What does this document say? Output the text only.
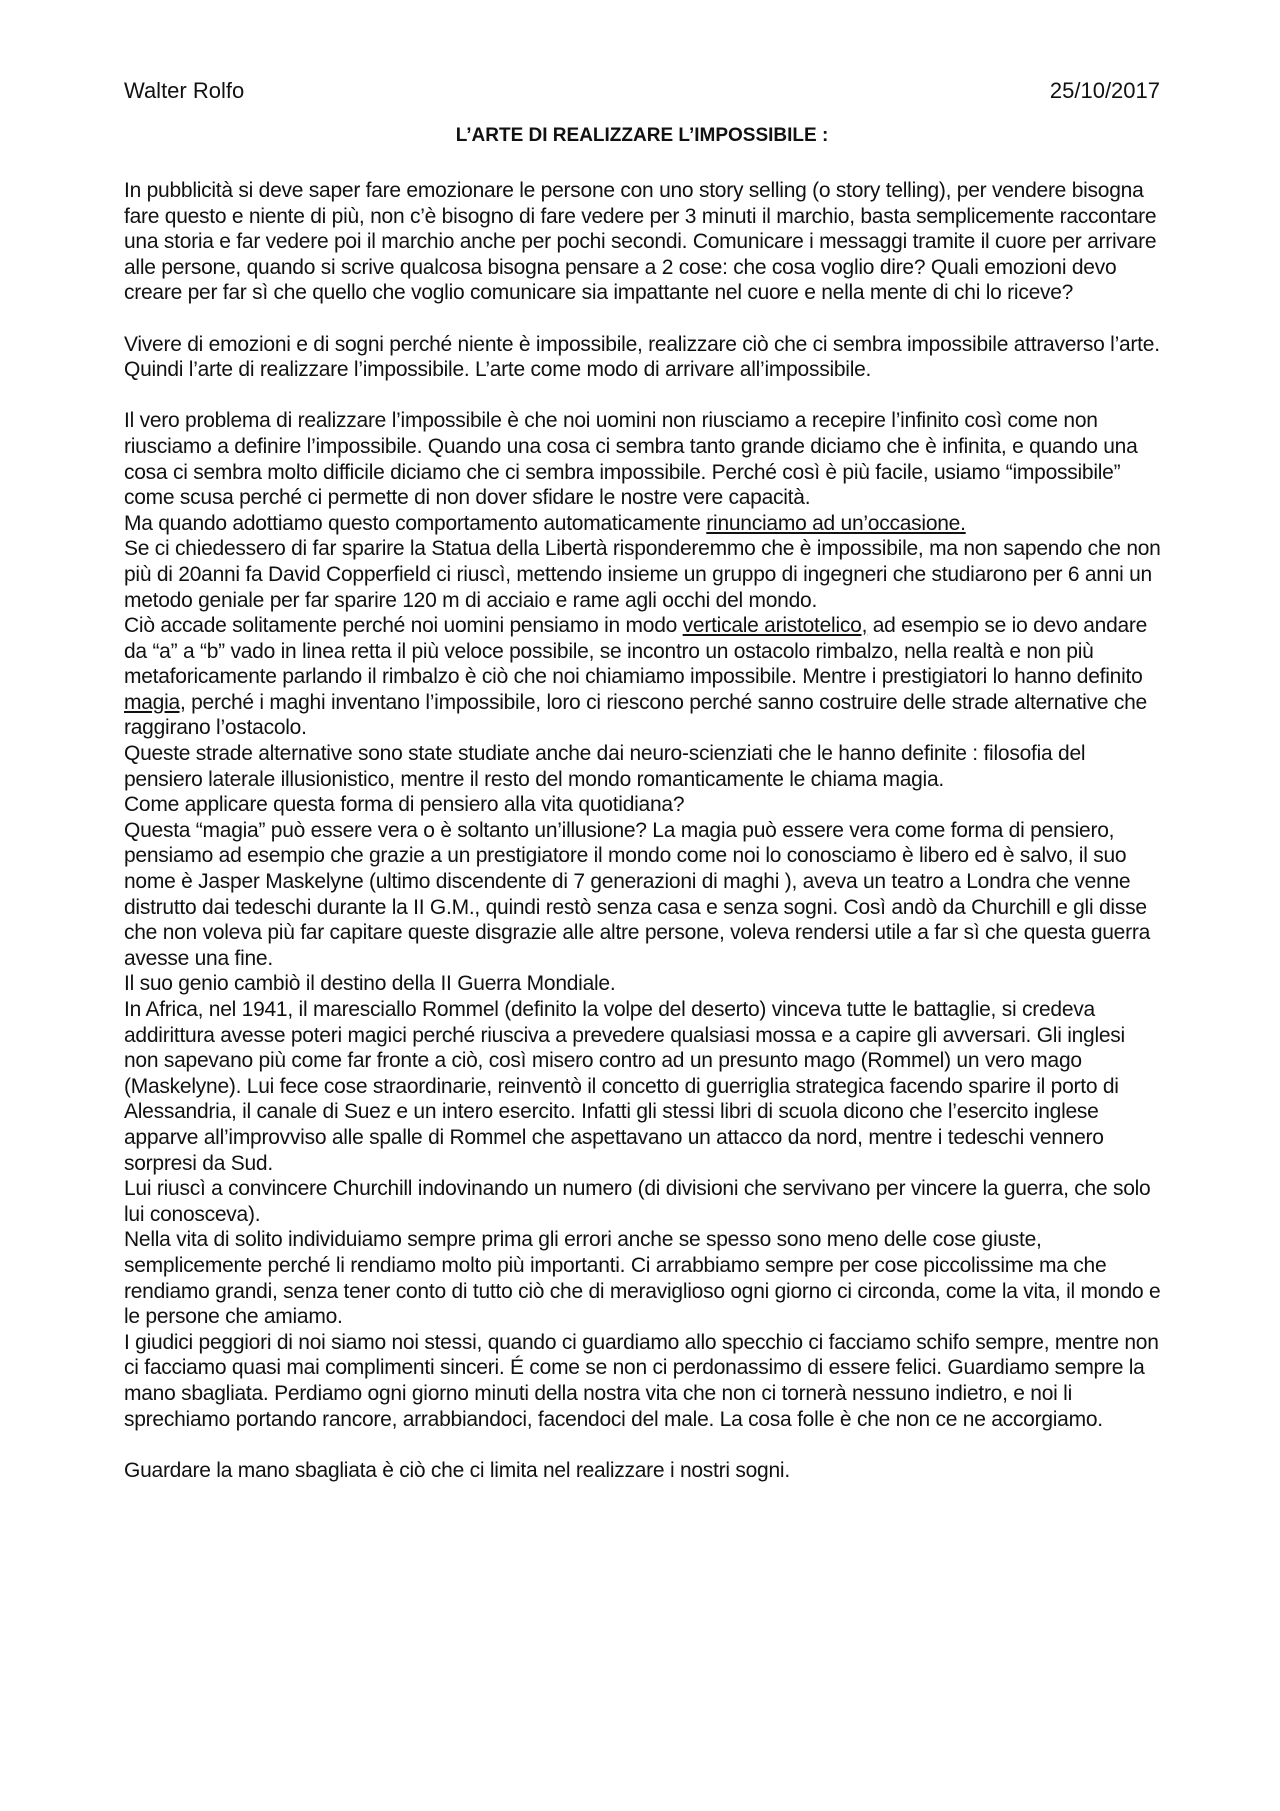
Walter Rolfo	25/10/2017
L’ARTE DI REALIZZARE L’IMPOSSIBILE :

In pubblicità si deve saper fare emozionare le persone con uno story selling (o story telling), per vendere bisogna fare questo e niente di più, non c’è bisogno di fare vedere per 3 minuti il marchio, basta semplicemente raccontare una storia e far vedere poi il marchio anche per pochi secondi. Comunicare i messaggi tramite il cuore per arrivare alle persone, quando si scrive qualcosa bisogna pensare a 2 cose: che cosa voglio dire? Quali emozioni devo creare per far sì che quello che voglio comunicare sia impattante nel cuore e nella mente di chi lo riceve?

Vivere di emozioni e di sogni perché niente è impossibile, realizzare ciò che ci sembra impossibile attraverso l’arte. Quindi l’arte di realizzare l’impossibile. L’arte come modo di arrivare all’impossibile.

Il vero problema di realizzare l’impossibile è che noi uomini non riusciamo a recepire l’infinito così come non riusciamo a definire l’impossibile. Quando una cosa ci sembra tanto grande diciamo che è infinita, e quando una cosa ci sembra molto difficile diciamo che ci sembra impossibile. Perché così è più facile, usiamo “impossibile” come scusa perché ci permette di non dover sfidare le nostre vere capacità.

Ma quando adottiamo questo comportamento automaticamente rinunciamo ad un’occasione.

Se ci chiedessero di far sparire la Statua della Libertà risponderemmo che è impossibile, ma non sapendo che non più di 20anni fa David Copperfield ci riuscì, mettendo insieme un gruppo di ingegneri che studiarono per 6 anni un metodo geniale per far sparire 120 m di acciaio e rame agli occhi del mondo.

Ciò accade solitamente perché noi uomini pensiamo in modo verticale aristotelico, ad esempio se io devo andare da “a” a “b” vado in linea retta il più veloce possibile, se incontro un ostacolo rimbalzo, nella realtà e non più metaforicamente parlando il rimbalzo è ciò che noi chiamiamo impossibile. Mentre i prestigiatori lo hanno definito magia, perché i maghi inventano l’impossibile, loro ci riescono perché sanno costruire delle strade alternative che raggirano l’ostacolo.

Queste strade alternative sono state studiate anche dai neuro-scienziati che le hanno definite : filosofia del pensiero laterale illusionistico, mentre il resto del mondo romanticamente le chiama magia.

Come applicare questa forma di pensiero alla vita quotidiana?

Questa “magia” può essere vera o è soltanto un’illusione? La magia può essere vera come forma di pensiero, pensiamo ad esempio che grazie a un prestigiatore il mondo come noi lo conosciamo è libero ed è salvo, il suo nome è Jasper Maskelyne (ultimo discendente di 7 generazioni di maghi ), aveva un teatro a Londra che venne distrutto dai tedeschi durante la II G.M., quindi restò senza casa e senza sogni. Così andò da Churchill e gli disse che non voleva più far capitare queste disgrazie alle altre persone, voleva rendersi utile a far sì che questa guerra avesse una fine.

Il suo genio cambiò il destino della II Guerra Mondiale.

In Africa, nel 1941, il maresciallo Rommel (definito la volpe del deserto) vinceva tutte le battaglie, si credeva addirittura avesse poteri magici perché riusciva a prevedere qualsiasi mossa e a capire gli avversari. Gli inglesi non sapevano più come far fronte a ciò, così misero contro ad un presunto mago (Rommel) un vero mago (Maskelyne). Lui fece cose straordinarie, reinventò il concetto di guerriglia strategica facendo sparire il porto di Alessandria, il canale di Suez e un intero esercito. Infatti gli stessi libri di scuola dicono che l’esercito inglese apparve all’improvviso alle spalle di Rommel che aspettavano un attacco da nord, mentre i tedeschi vennero sorpresi da Sud.

Lui riuscì a convincere Churchill indovinando un numero (di divisioni che servivano per vincere la guerra, che solo lui conosceva).

Nella vita di solito individuiamo sempre prima gli errori anche se spesso sono meno delle cose giuste, semplicemente perché li rendiamo molto più importanti. Ci arrabbiamo sempre per cose piccolissime ma che rendiamo grandi, senza tener conto di tutto ciò che di meraviglioso ogni giorno ci circonda, come la vita, il mondo e le persone che amiamo.

I giudici peggiori di noi siamo noi stessi, quando ci guardiamo allo specchio ci facciamo schifo sempre, mentre non ci facciamo quasi mai complimenti sinceri. É come se non ci perdonassimo di essere felici. Guardiamo sempre la mano sbagliata. Perdiamo ogni giorno minuti della nostra vita che non ci tornerà nessuno indietro, e noi li sprechiamo portando rancore, arrabbiandoci, facendoci del male. La cosa folle è che non ce ne accorgiamo.

Guardare la mano sbagliata è ciò che ci limita nel realizzare i nostri sogni.
